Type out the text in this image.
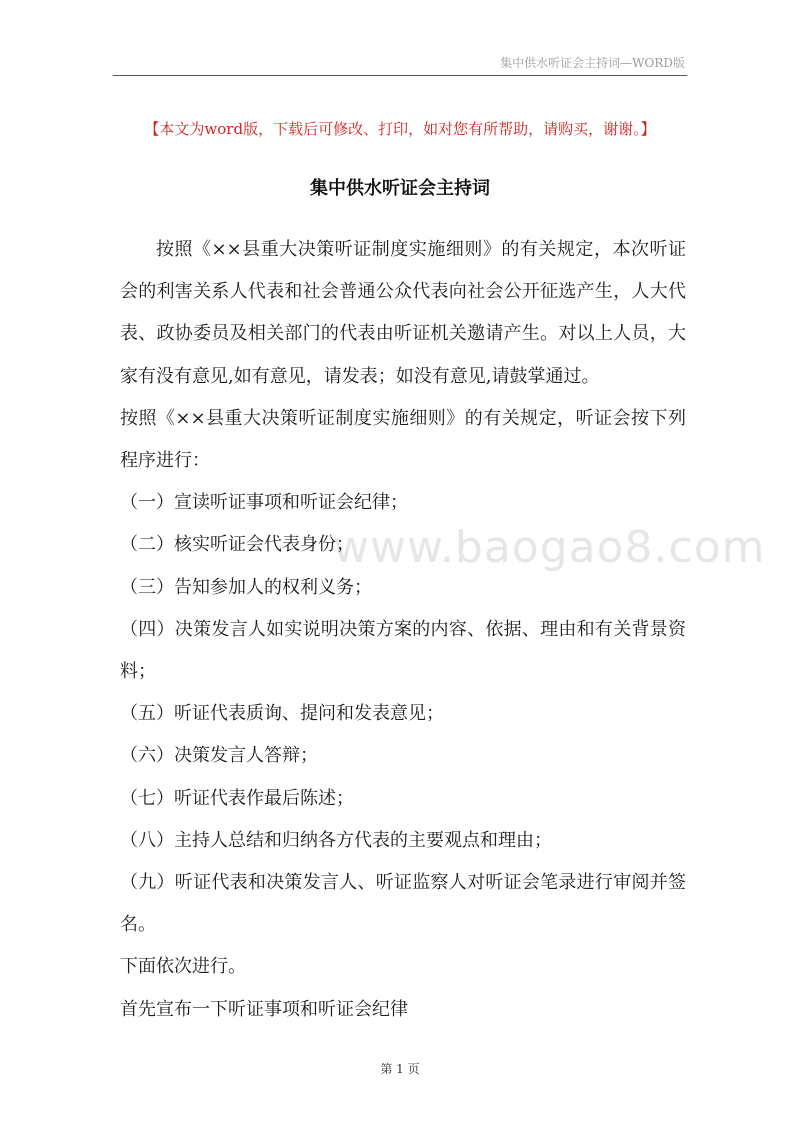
集中供水听证会主持词—WORD版
【本文为word版，下载后可修改、打印，如对您有所帮助，请购买，谢谢。】
集中供水听证会主持词
www.baogao8.com

按照《××县重大决策听证制度实施细则》的有关规定，本次听证会的利害关系人代表和社会普通公众代表向社会公开征选产生，人大代表、政协委员及相关部门的代表由听证机关邀请产生。对以上人员，大家有没有意见,如有意见，请发表；如没有意见,请鼓掌通过。

按照《××县重大决策听证制度实施细则》的有关规定，听证会按下列程序进行：

（一）宣读听证事项和听证会纪律；

（二）核实听证会代表身份；

（三）告知参加人的权利义务；

（四）决策发言人如实说明决策方案的内容、依据、理由和有关背景资料；

（五）听证代表质询、提问和发表意见；

（六）决策发言人答辩；

（七）听证代表作最后陈述；

（八）主持人总结和归纳各方代表的主要观点和理由；

（九）听证代表和决策发言人、听证监察人对听证会笔录进行审阅并签名。

下面依次进行。

首先宣布一下听证事项和听证会纪律

第 1 页
